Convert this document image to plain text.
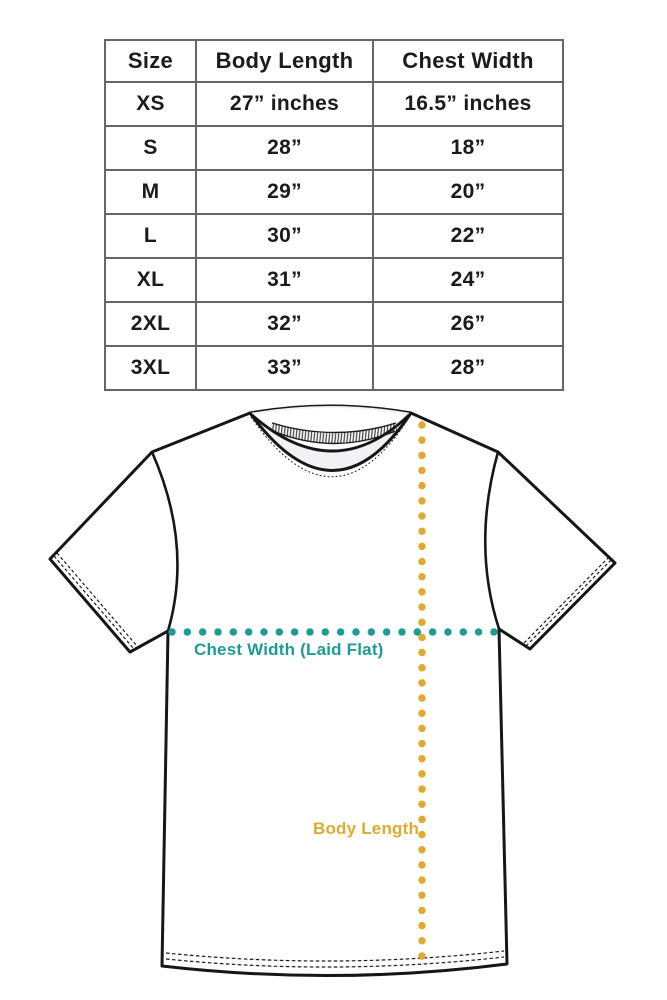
Size	Body Length	Chest Width
XS	27” inches	16.5” inches
S	28”	18”
M	29”	20”
L	30”	22”
XL	31”	24”
2XL	32”	26”
3XL	33”	28”
Chest Width (Laid Flat)
Body Length
